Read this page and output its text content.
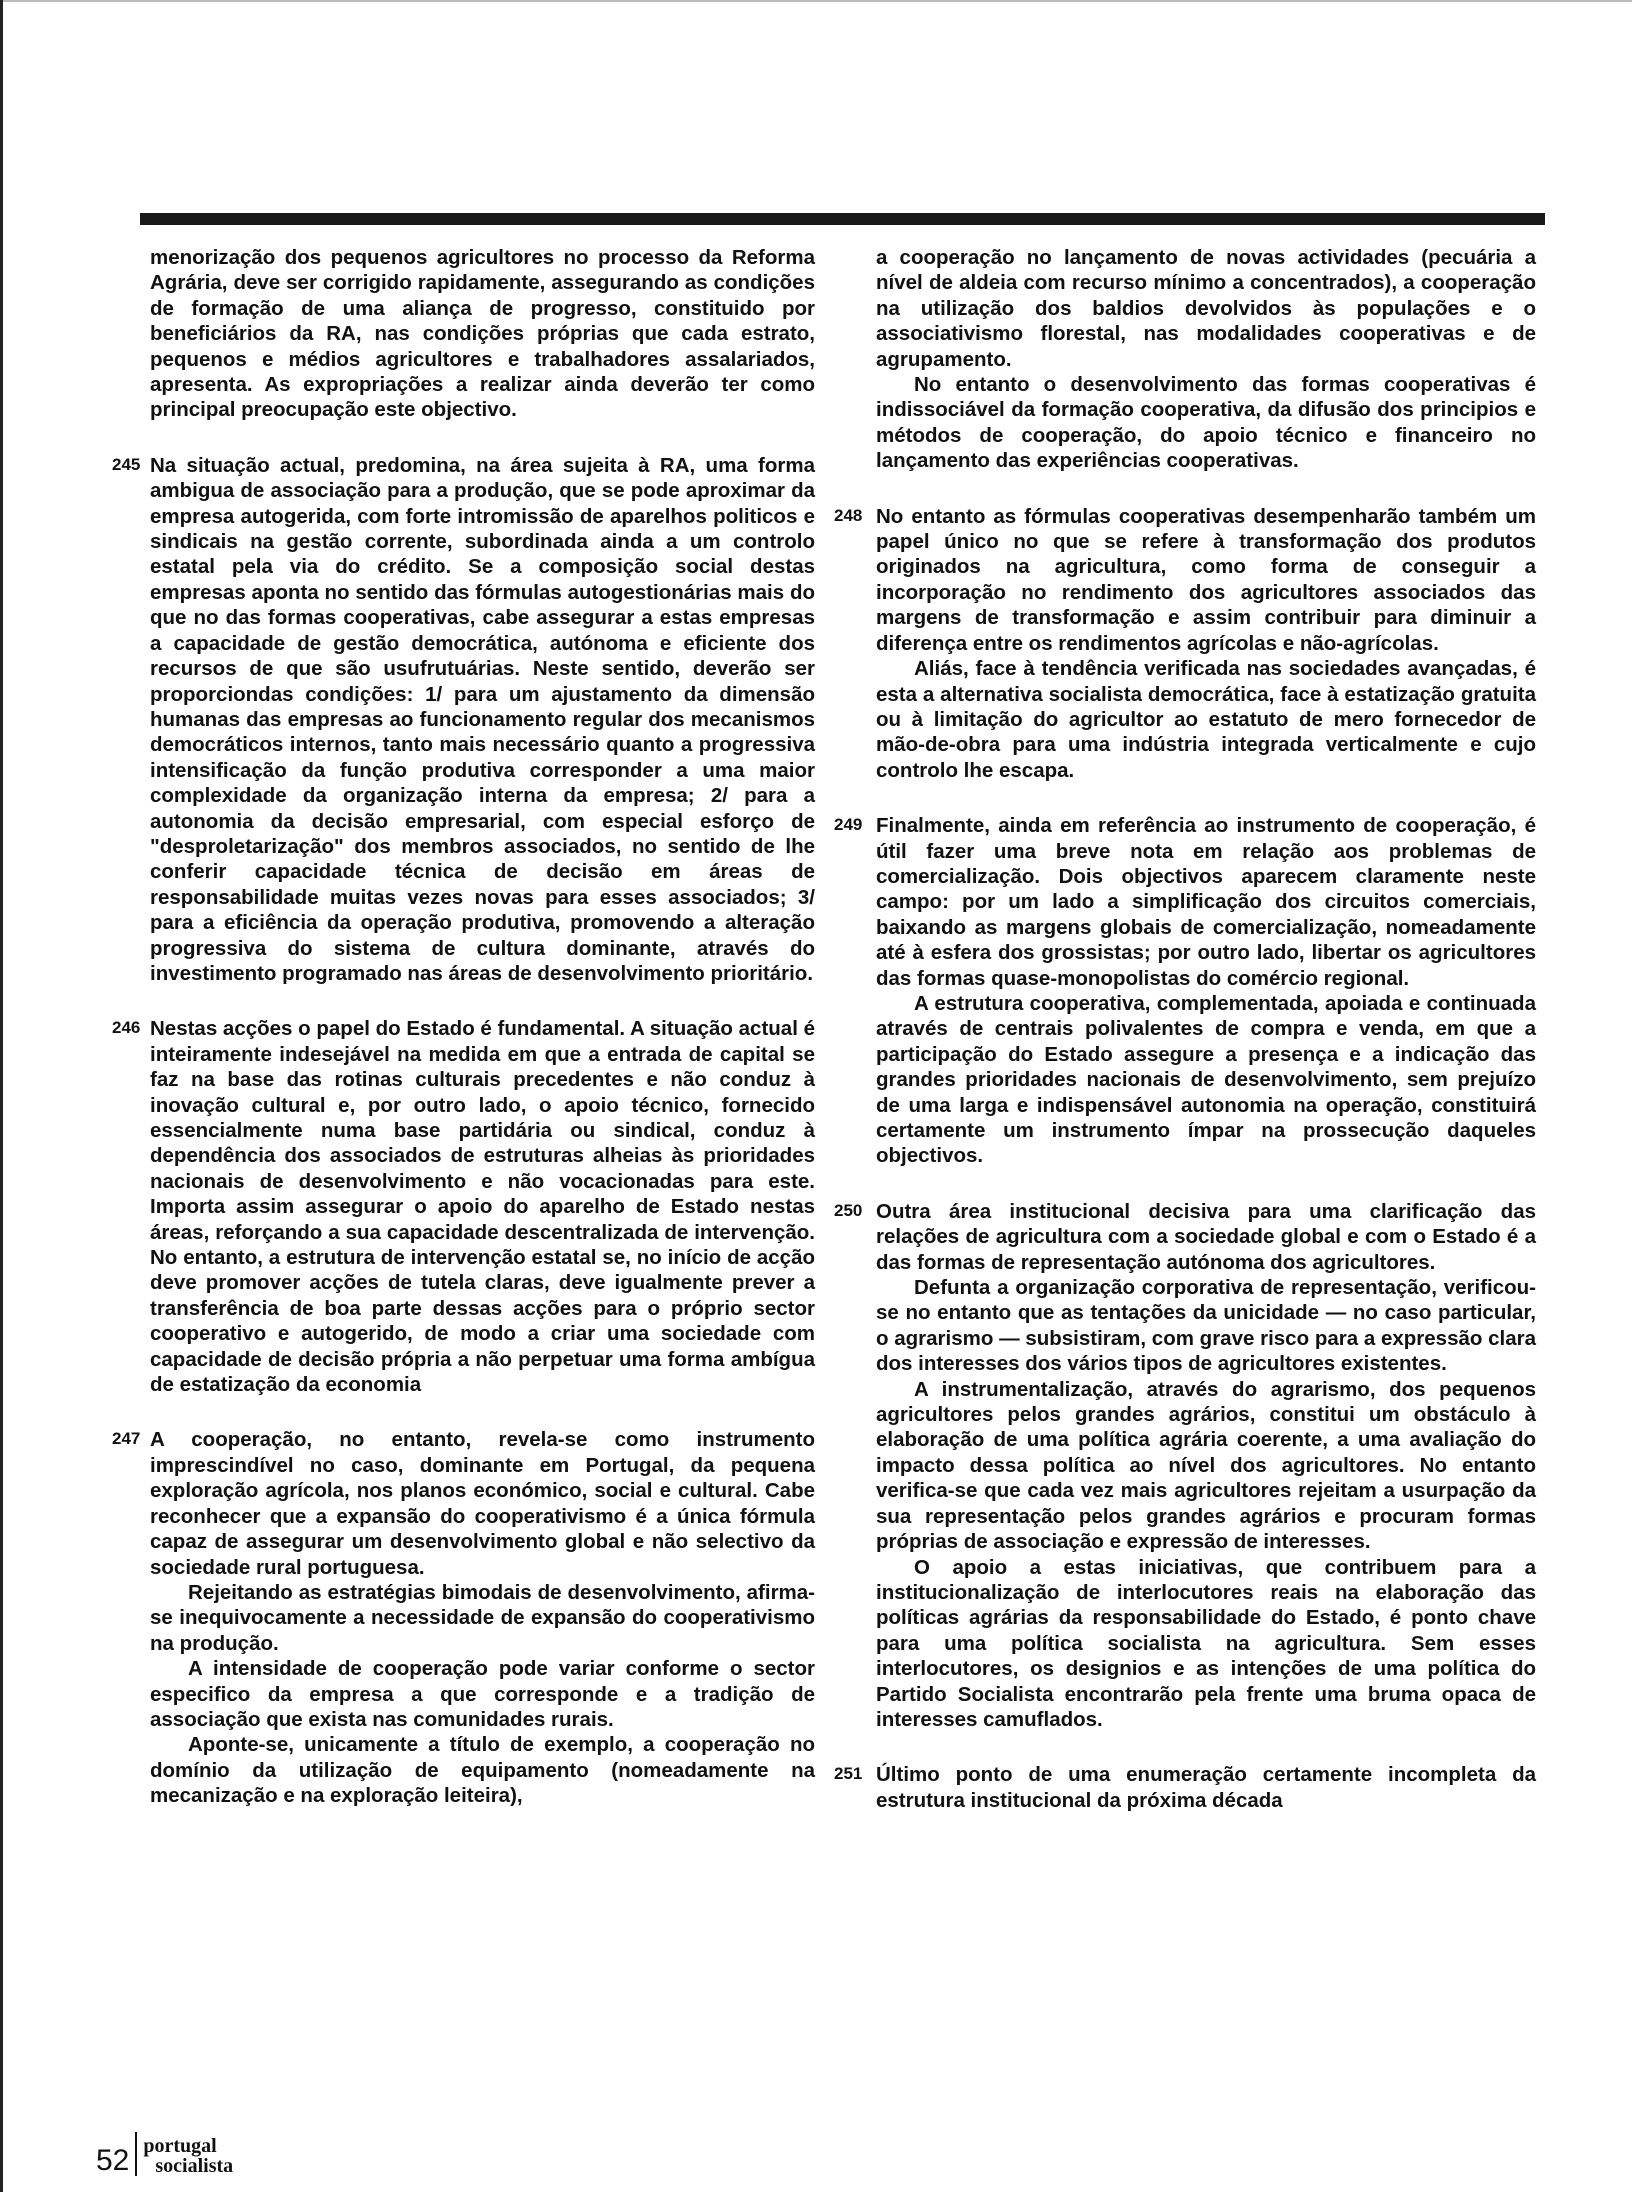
menorização dos pequenos agricultores no processo da Reforma Agrária, deve ser corrigido rapidamente, assegurando as condições de formação de uma aliança de progresso, constituido por beneficiários da RA, nas condições próprias que cada estrato, pequenos e médios agricultores e trabalhadores assalariados, apresenta. As expropriações a realizar ainda deverão ter como principal preocupação este objectivo.

245 Na situação actual, predomina, na área sujeita à RA, uma forma ambigua de associação para a produção, que se pode aproximar da empresa autogerida, com forte intromissão de aparelhos politicos e sindicais na gestão corrente, subordinada ainda a um controlo estatal pela via do crédito. Se a composição social destas empresas aponta no sentido das fórmulas autogestionárias mais do que no das formas cooperativas, cabe assegurar a estas empresas a capacidade de gestão democrática, autónoma e eficiente dos recursos de que são usufrutuárias. Neste sentido, deverão ser proporciondas condições: 1/ para um ajustamento da dimensão humanas das empresas ao funcionamento regular dos mecanismos democráticos internos, tanto mais necessário quanto a progressiva intensificação da função produtiva corresponder a uma maior complexidade da organização interna da empresa; 2/ para a autonomia da decisão empresarial, com especial esforço de "desproletarização" dos membros associados, no sentido de lhe conferir capacidade técnica de decisão em áreas de responsabilidade muitas vezes novas para esses associados; 3/ para a eficiência da operação produtiva, promovendo a alteração progressiva do sistema de cultura dominante, através do investimento programado nas áreas de desenvolvimento prioritário.

246 Nestas acções o papel do Estado é fundamental. A situação actual é inteiramente indesejável na medida em que a entrada de capital se faz na base das rotinas culturais precedentes e não conduz à inovação cultural e, por outro lado, o apoio técnico, fornecido essencialmente numa base partidária ou sindical, conduz à dependência dos associados de estruturas alheias às prioridades nacionais de desenvolvimento e não vocacionadas para este. Importa assim assegurar o apoio do aparelho de Estado nestas áreas, reforçando a sua capacidade descentralizada de intervenção. No entanto, a estrutura de intervenção estatal se, no início de acção deve promover acções de tutela claras, deve igualmente prever a transferência de boa parte dessas acções para o próprio sector cooperativo e autogerido, de modo a criar uma sociedade com capacidade de decisão própria a não perpetuar uma forma ambígua de estatização da economia

247 A cooperação, no entanto, revela-se como instrumento imprescindível no caso, dominante em Portugal, da pequena exploração agrícola, nos planos económico, social e cultural. Cabe reconhecer que a expansão do cooperativismo é a única fórmula capaz de assegurar um desenvolvimento global e não selectivo da sociedade rural portuguesa.

Rejeitando as estratégias bimodais de desenvolvimento, afirma-se inequivocamente a necessidade de expansão do cooperativismo na produção.

A intensidade de cooperação pode variar conforme o sector especifico da empresa a que corresponde e a tradição de associação que exista nas comunidades rurais.

Aponte-se, unicamente a título de exemplo, a cooperação no domínio da utilização de equipamento (nomeadamente na mecanização e na exploração leiteira),

a cooperação no lançamento de novas actividades (pecuária a nível de aldeia com recurso mínimo a concentrados), a cooperação na utilização dos baldios devolvidos às populações e o associativismo florestal, nas modalidades cooperativas e de agrupamento.

No entanto o desenvolvimento das formas cooperativas é indissociável da formação cooperativa, da difusão dos principios e métodos de cooperação, do apoio técnico e financeiro no lançamento das experiências cooperativas.

248 No entanto as fórmulas cooperativas desempenharão também um papel único no que se refere à transformação dos produtos originados na agricultura, como forma de conseguir a incorporação no rendimento dos agricultores associados das margens de transformação e assim contribuir para diminuir a diferença entre os rendimentos agrícolas e não-agrícolas.

Aliás, face à tendência verificada nas sociedades avançadas, é esta a alternativa socialista democrática, face à estatização gratuita ou à limitação do agricultor ao estatuto de mero fornecedor de mão-de-obra para uma indústria integrada verticalmente e cujo controlo lhe escapa.

249 Finalmente, ainda em referência ao instrumento de cooperação, é útil fazer uma breve nota em relação aos problemas de comercialização. Dois objectivos aparecem claramente neste campo: por um lado a simplificação dos circuitos comerciais, baixando as margens globais de comercialização, nomeadamente até à esfera dos grossistas; por outro lado, libertar os agricultores das formas quase-monopolistas do comércio regional.

A estrutura cooperativa, complementada, apoiada e continuada através de centrais polivalentes de compra e venda, em que a participação do Estado assegure a presença e a indicação das grandes prioridades nacionais de desenvolvimento, sem prejuízo de uma larga e indispensável autonomia na operação, constituirá certamente um instrumento ímpar na prossecução daqueles objectivos.

250 Outra área institucional decisiva para uma clarificação das relações de agricultura com a sociedade global e com o Estado é a das formas de representação autónoma dos agricultores.

Defunta a organização corporativa de representação, verificou-se no entanto que as tentações da unicidade — no caso particular, o agrarismo — subsistiram, com grave risco para a expressão clara dos interesses dos vários tipos de agricultores existentes.

A instrumentalização, através do agrarismo, dos pequenos agricultores pelos grandes agrários, constitui um obstáculo à elaboração de uma política agrária coerente, a uma avaliação do impacto dessa política ao nível dos agricultores. No entanto verifica-se que cada vez mais agricultores rejeitam a usurpação da sua representação pelos grandes agrários e procuram formas próprias de associação e expressão de interesses.

O apoio a estas iniciativas, que contribuem para a institucionalização de interlocutores reais na elaboração das políticas agrárias da responsabilidade do Estado, é ponto chave para uma política socialista na agricultura. Sem esses interlocutores, os designios e as intenções de uma política do Partido Socialista encontrarão pela frente uma bruma opaca de interesses camuflados.

251 Último ponto de uma enumeração certamente incompleta da estrutura institucional da próxima década

52 portugal
socialista
